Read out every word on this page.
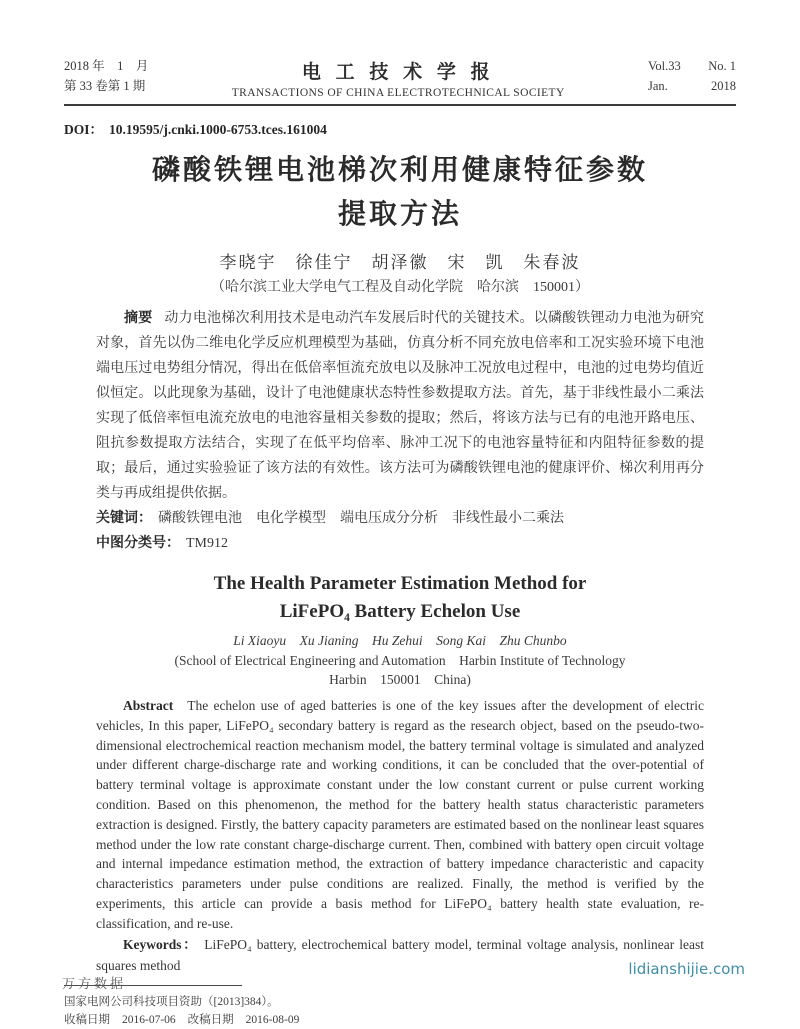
2018 年　1　月
第 33 卷第 1 期
电 工 技 术 学 报
TRANSACTIONS OF CHINA ELECTROTECHNICAL SOCIETY
Vol.33 No. 1
Jan.	2018
DOI： 10.19595/j.cnki.1000-6753.tces.161004
磷酸铁锂电池梯次利用健康特征参数
提取方法
李晓宇　徐佳宁　胡泽徽　宋　凯　朱春波
（哈尔滨工业大学电气工程及自动化学院　哈尔滨　150001）

摘要 动力电池梯次利用技术是电动汽车发展后时代的关键技术。以磷酸铁锂动力电池为研究对象，首先以伪二维电化学反应机理模型为基础，仿真分析不同充放电倍率和工况实验环境下电池端电压过电势组分情况，得出在低倍率恒流充放电以及脉冲工况放电过程中，电池的过电势均值近似恒定。以此现象为基础，设计了电池健康状态特性参数提取方法。首先，基于非线性最小二乘法实现了低倍率恒电流充放电的电池容量相关参数的提取；然后，将该方法与已有的电池开路电压、阻抗参数提取方法结合，实现了在低平均倍率、脉冲工况下的电池容量特征和内阻特征参数的提取；最后，通过实验验证了该方法的有效性。该方法可为磷酸铁锂电池的健康评价、梯次利用再分类与再成组提供依据。

关键词： 磷酸铁锂电池　电化学模型　端电压成分分析　非线性最小二乘法

中图分类号： TM912

The Health Parameter Estimation Method for
LiFePO₄ Battery Echelon Use
Li Xiaoyu　Xu Jianing　Hu Zehui　Song Kai　Zhu Chunbo
(School of Electrical Engineering and Automation　Harbin Institute of Technology
Harbin　150001　China)

Abstract The echelon use of aged batteries is one of the key issues after the development of electric vehicles, In this paper, LiFePO₄ secondary battery is regard as the research object, based on the pseudo-two-dimensional electrochemical reaction mechanism model, the battery terminal voltage is simulated and analyzed under different charge-discharge rate and working conditions, it can be concluded that the over-potential of battery terminal voltage is approximate constant under the low constant current or pulse current working condition. Based on this phenomenon, the method for the battery health status characteristic parameters extraction is designed. Firstly, the battery capacity parameters are estimated based on the nonlinear least squares method under the low rate constant charge-discharge current. Then, combined with battery open circuit voltage and internal impedance estimation method, the extraction of battery impedance characteristic and capacity characteristics parameters under pulse conditions are realized. Finally, the method is verified by the experiments, this article can provide a basis method for LiFePO₄ battery health state evaluation, re-classification, and re-use.

Keywords： LiFePO₄ battery, electrochemical battery model, terminal voltage analysis, nonlinear least squares method

国家电网公司科技项目资助（[2013]384）。
收稿日期 2016-07-06 改稿日期 2016-08-09
万方数据
lidianshijie.com
